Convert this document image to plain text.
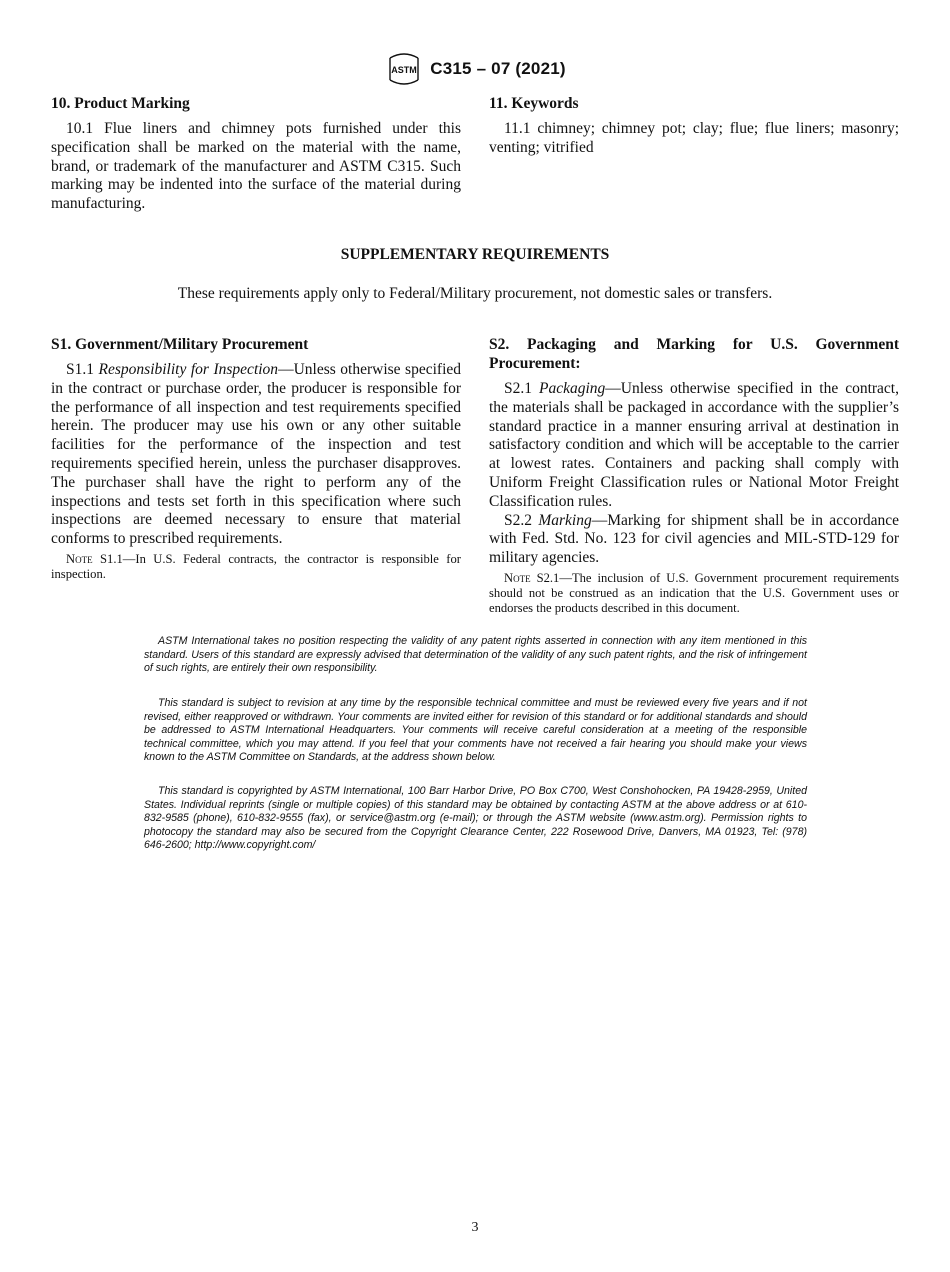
ASTM C315 – 07 (2021)

10. Product Marking

10.1 Flue liners and chimney pots furnished under this specification shall be marked on the material with the name, brand, or trademark of the manufacturer and ASTM C315. Such marking may be indented into the surface of the material during manufacturing.

11. Keywords

11.1 chimney; chimney pot; clay; flue; flue liners; masonry; venting; vitrified

SUPPLEMENTARY REQUIREMENTS
These requirements apply only to Federal/Military procurement, not domestic sales or transfers.

S1. Government/Military Procurement

S1.1 Responsibility for Inspection—Unless otherwise specified in the contract or purchase order, the producer is responsible for the performance of all inspection and test requirements specified herein. The producer may use his own or any other suitable facilities for the performance of the inspection and test requirements specified herein, unless the purchaser disapproves. The purchaser shall have the right to perform any of the inspections and tests set forth in this specification where such inspections are deemed necessary to ensure that material conforms to prescribed requirements.

Note S1.1—In U.S. Federal contracts, the contractor is responsible for inspection.

S2. Packaging and Marking for U.S. Government Procurement:

S2.1 Packaging—Unless otherwise specified in the contract, the materials shall be packaged in accordance with the supplier’s standard practice in a manner ensuring arrival at destination in satisfactory condition and which will be acceptable to the carrier at lowest rates. Containers and packing shall comply with Uniform Freight Classification rules or National Motor Freight Classification rules.

S2.2 Marking—Marking for shipment shall be in accordance with Fed. Std. No. 123 for civil agencies and MIL-STD-129 for military agencies.

Note S2.1—The inclusion of U.S. Government procurement requirements should not be construed as an indication that the U.S. Government uses or endorses the products described in this document.

ASTM International takes no position respecting the validity of any patent rights asserted in connection with any item mentioned in this standard. Users of this standard are expressly advised that determination of the validity of any such patent rights, and the risk of infringement of such rights, are entirely their own responsibility.

This standard is subject to revision at any time by the responsible technical committee and must be reviewed every five years and if not revised, either reapproved or withdrawn. Your comments are invited either for revision of this standard or for additional standards and should be addressed to ASTM International Headquarters. Your comments will receive careful consideration at a meeting of the responsible technical committee, which you may attend. If you feel that your comments have not received a fair hearing you should make your views known to the ASTM Committee on Standards, at the address shown below.

This standard is copyrighted by ASTM International, 100 Barr Harbor Drive, PO Box C700, West Conshohocken, PA 19428-2959, United States. Individual reprints (single or multiple copies) of this standard may be obtained by contacting ASTM at the above address or at 610-832-9585 (phone), 610-832-9555 (fax), or service@astm.org (e-mail); or through the ASTM website (www.astm.org). Permission rights to photocopy the standard may also be secured from the Copyright Clearance Center, 222 Rosewood Drive, Danvers, MA 01923, Tel: (978) 646-2600; http://www.copyright.com/

3
